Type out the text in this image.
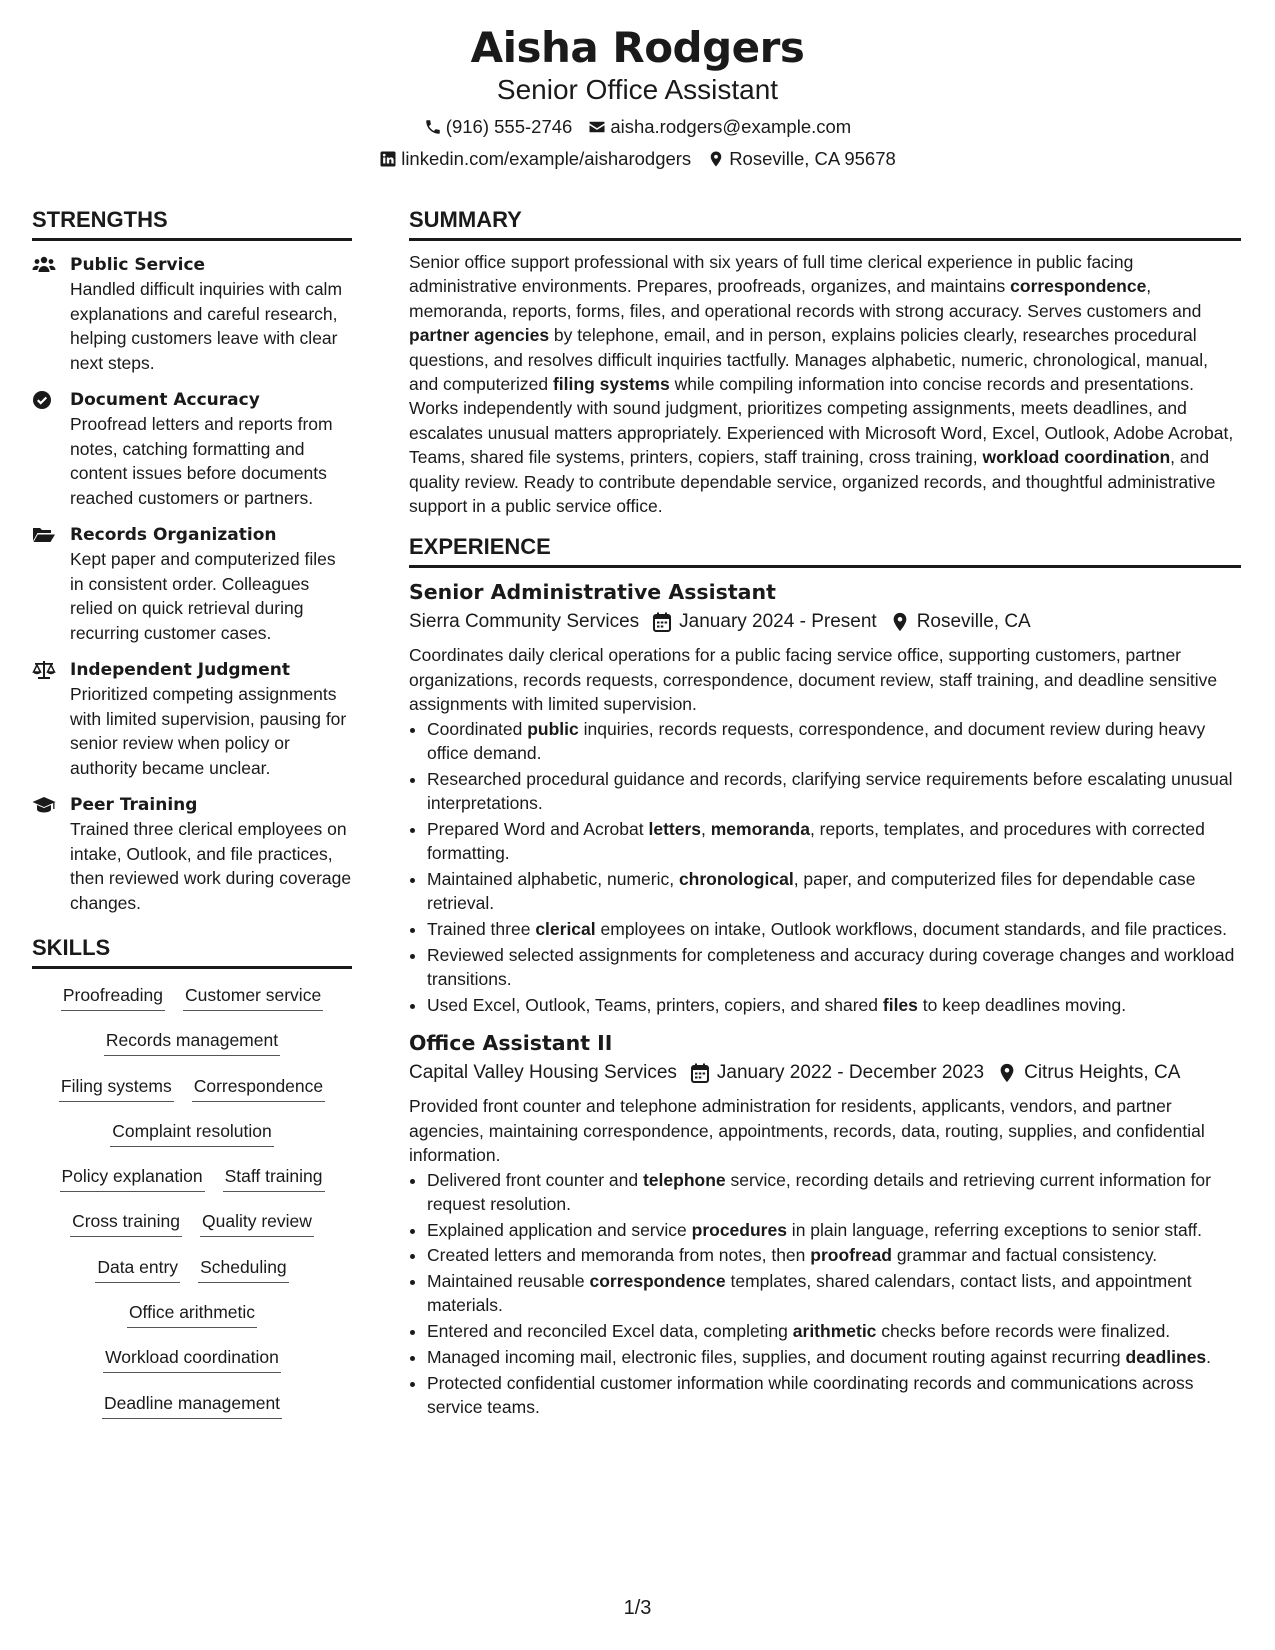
Aisha Rodgers
Senior Office Assistant
(916) 555-2746 aisha.rodgers@example.com
linkedin.com/example/aisharodgers Roseville, CA 95678
STRENGTHS
Public Service
Handled difficult inquiries with calm explanations and careful research, helping customers leave with clear next steps.
Document Accuracy
Proofread letters and reports from notes, catching formatting and content issues before documents reached customers or partners.
Records Organization
Kept paper and computerized files in consistent order. Colleagues relied on quick retrieval during recurring customer cases.
Independent Judgment
Prioritized competing assignments with limited supervision, pausing for senior review when policy or authority became unclear.
Peer Training
Trained three clerical employees on intake, Outlook, and file practices, then reviewed work during coverage changes.
SKILLS
Proofreading Customer service
Records management
Filing systems Correspondence
Complaint resolution
Policy explanation Staff training
Cross training Quality review
Data entry Scheduling
Office arithmetic
Workload coordination
Deadline management
SUMMARY
Senior office support professional with six years of full time clerical experience in public facing administrative environments. Prepares, proofreads, organizes, and maintains correspondence, memoranda, reports, forms, files, and operational records with strong accuracy. Serves customers and partner agencies by telephone, email, and in person, explains policies clearly, researches procedural questions, and resolves difficult inquiries tactfully. Manages alphabetic, numeric, chronological, manual, and computerized filing systems while compiling information into concise records and presentations. Works independently with sound judgment, prioritizes competing assignments, meets deadlines, and escalates unusual matters appropriately. Experienced with Microsoft Word, Excel, Outlook, Adobe Acrobat, Teams, shared file systems, printers, copiers, staff training, cross training, workload coordination, and quality review. Ready to contribute dependable service, organized records, and thoughtful administrative support in a public service office.
EXPERIENCE
Senior Administrative Assistant
Sierra Community Services January 2024 - Present Roseville, CA
Coordinates daily clerical operations for a public facing service office, supporting customers, partner organizations, records requests, correspondence, document review, staff training, and deadline sensitive assignments with limited supervision.
• Coordinated public inquiries, records requests, correspondence, and document review during heavy office demand.
• Researched procedural guidance and records, clarifying service requirements before escalating unusual interpretations.
• Prepared Word and Acrobat letters, memoranda, reports, templates, and procedures with corrected formatting.
• Maintained alphabetic, numeric, chronological, paper, and computerized files for dependable case retrieval.
• Trained three clerical employees on intake, Outlook workflows, document standards, and file practices.
• Reviewed selected assignments for completeness and accuracy during coverage changes and workload transitions.
• Used Excel, Outlook, Teams, printers, copiers, and shared files to keep deadlines moving.
Office Assistant II
Capital Valley Housing Services January 2022 - December 2023 Citrus Heights, CA
Provided front counter and telephone administration for residents, applicants, vendors, and partner agencies, maintaining correspondence, appointments, records, data, routing, supplies, and confidential information.
• Delivered front counter and telephone service, recording details and retrieving current information for request resolution.
• Explained application and service procedures in plain language, referring exceptions to senior staff.
• Created letters and memoranda from notes, then proofread grammar and factual consistency.
• Maintained reusable correspondence templates, shared calendars, contact lists, and appointment materials.
• Entered and reconciled Excel data, completing arithmetic checks before records were finalized.
• Managed incoming mail, electronic files, supplies, and document routing against recurring deadlines.
• Protected confidential customer information while coordinating records and communications across service teams.
1/3
